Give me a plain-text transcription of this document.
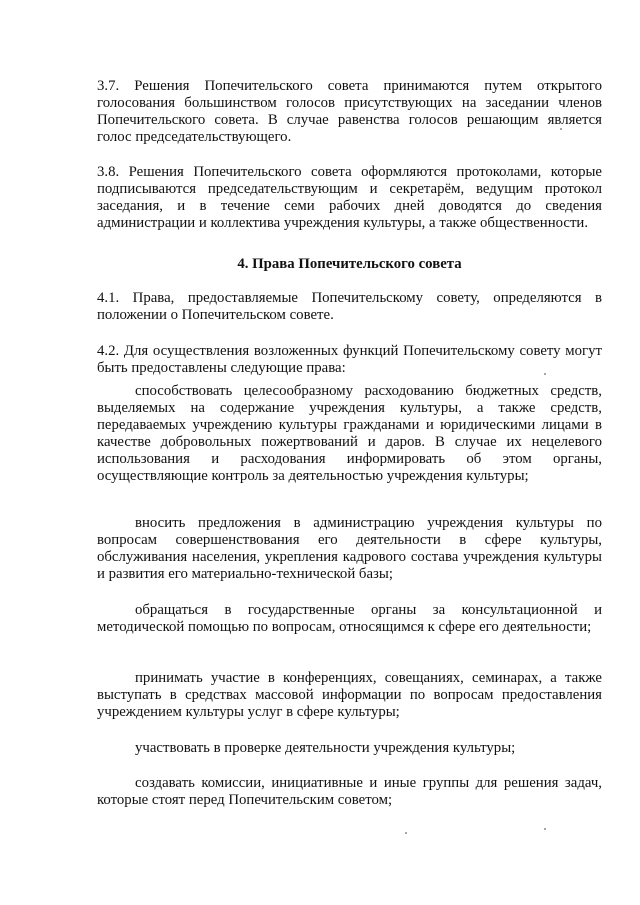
3.7. Решения Попечительского совета принимаются путем открытого голосования большинством голосов присутствующих на заседании членов Попечительского совета. В случае равенства голосов решающим является голос председательствующего.

3.8. Решения Попечительского совета оформляются протоколами, которые подписываются председательствующим и секретарём, ведущим протокол заседания, и в течение семи рабочих дней доводятся до сведения администрации и коллектива учреждения культуры, а также общественности.

4. Права Попечительского совета

4.1. Права, предоставляемые Попечительскому совету, определяются в положении о Попечительском совете.

4.2. Для осуществления возложенных функций Попечительскому совету могут быть предоставлены следующие права:

способствовать целесообразному расходованию бюджетных средств, выделяемых на содержание учреждения культуры, а также средств, передаваемых учреждению культуры гражданами и юридическими лицами в качестве добровольных пожертвований и даров. В случае их нецелевого использования и расходования информировать об этом органы, осуществляющие контроль за деятельностью учреждения культуры;

вносить предложения в администрацию учреждения культуры по вопросам совершенствования его деятельности в сфере культуры, обслуживания населения, укрепления кадрового состава учреждения культуры и развития его материально-технической базы;

обращаться в государственные органы за консультационной и методической помощью по вопросам, относящимся к сфере его деятельности;

принимать участие в конференциях, совещаниях, семинарах, а также выступать в средствах массовой информации по вопросам предоставления учреждением культуры услуг в сфере культуры;

участвовать в проверке деятельности учреждения культуры;

создавать комиссии, инициативные и иные группы для решения задач, которые стоят перед Попечительским советом;
